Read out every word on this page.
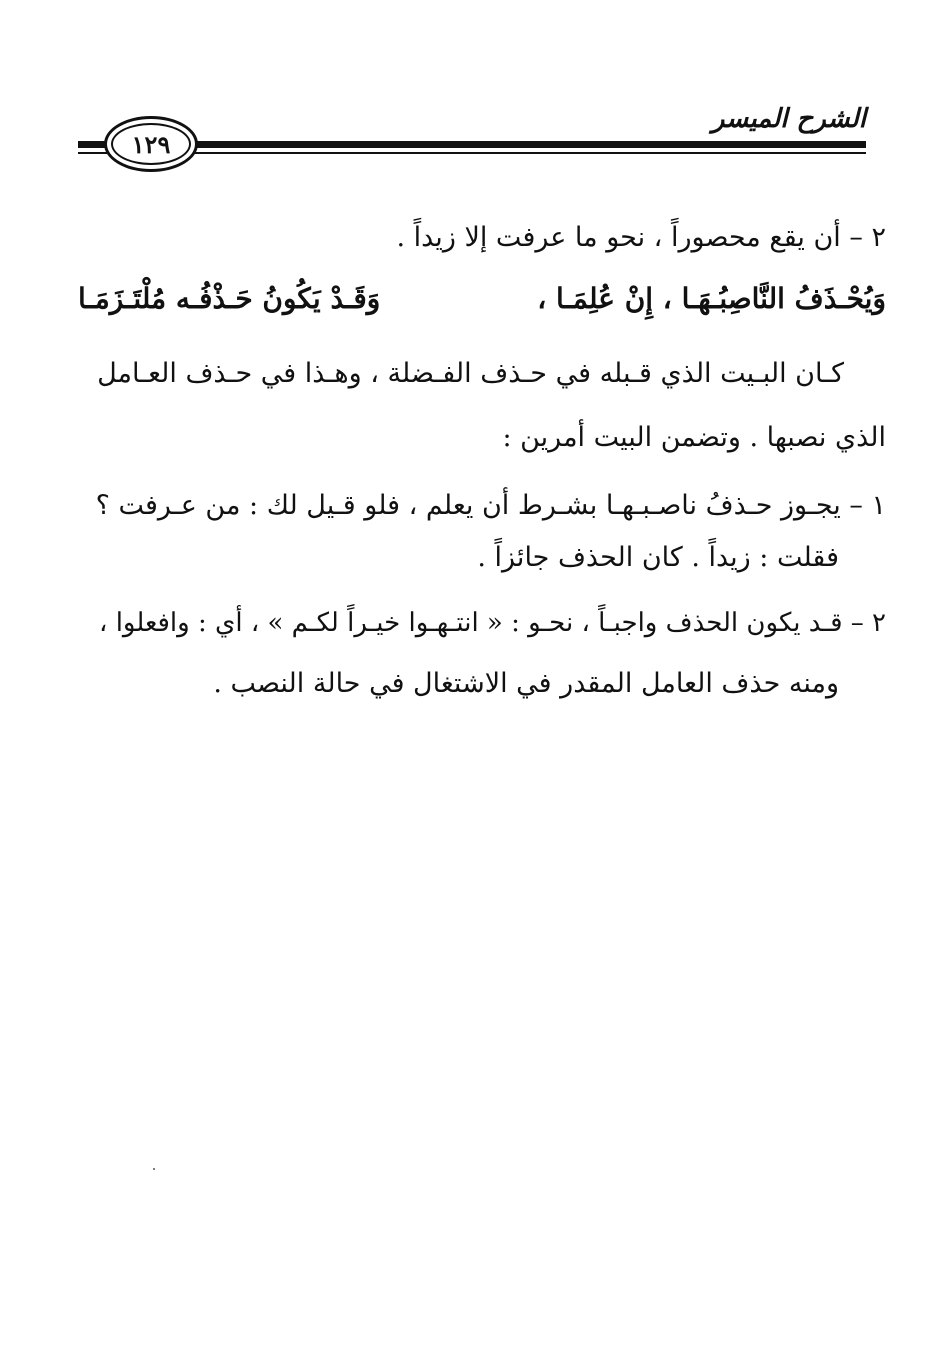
الشرح الميسر
١٢٩
٢ – أن يقع محصوراً ، نحو ما عرفت إلا زيداً .
وَيُحْـذَفُ النَّاصِبُـهَـا ، إِنْ عُلِمَـا ،
وَقَـدْ يَكُونُ حَـذْفُـه مُلْتَـزَمَـا
كـان البـيت الذي قـبله في حـذف الفـضلة ، وهـذا في حـذف العـامل
الذي نصبها . وتضمن البيت أمرين :
١ – يجـوز حـذفُ ناصـبـهـا بشـرط أن يعلم ، فلو قـيل لك : من عـرفت ؟
فقلت : زيداً . كان الحذف جائزاً .
٢ – قـد يكون الحذف واجبـاً ، نحـو : « انتـهـوا خيـراً لكـم » ، أي : وافعلوا ،
ومنه حذف العامل المقدر في الاشتغال في حالة النصب .
